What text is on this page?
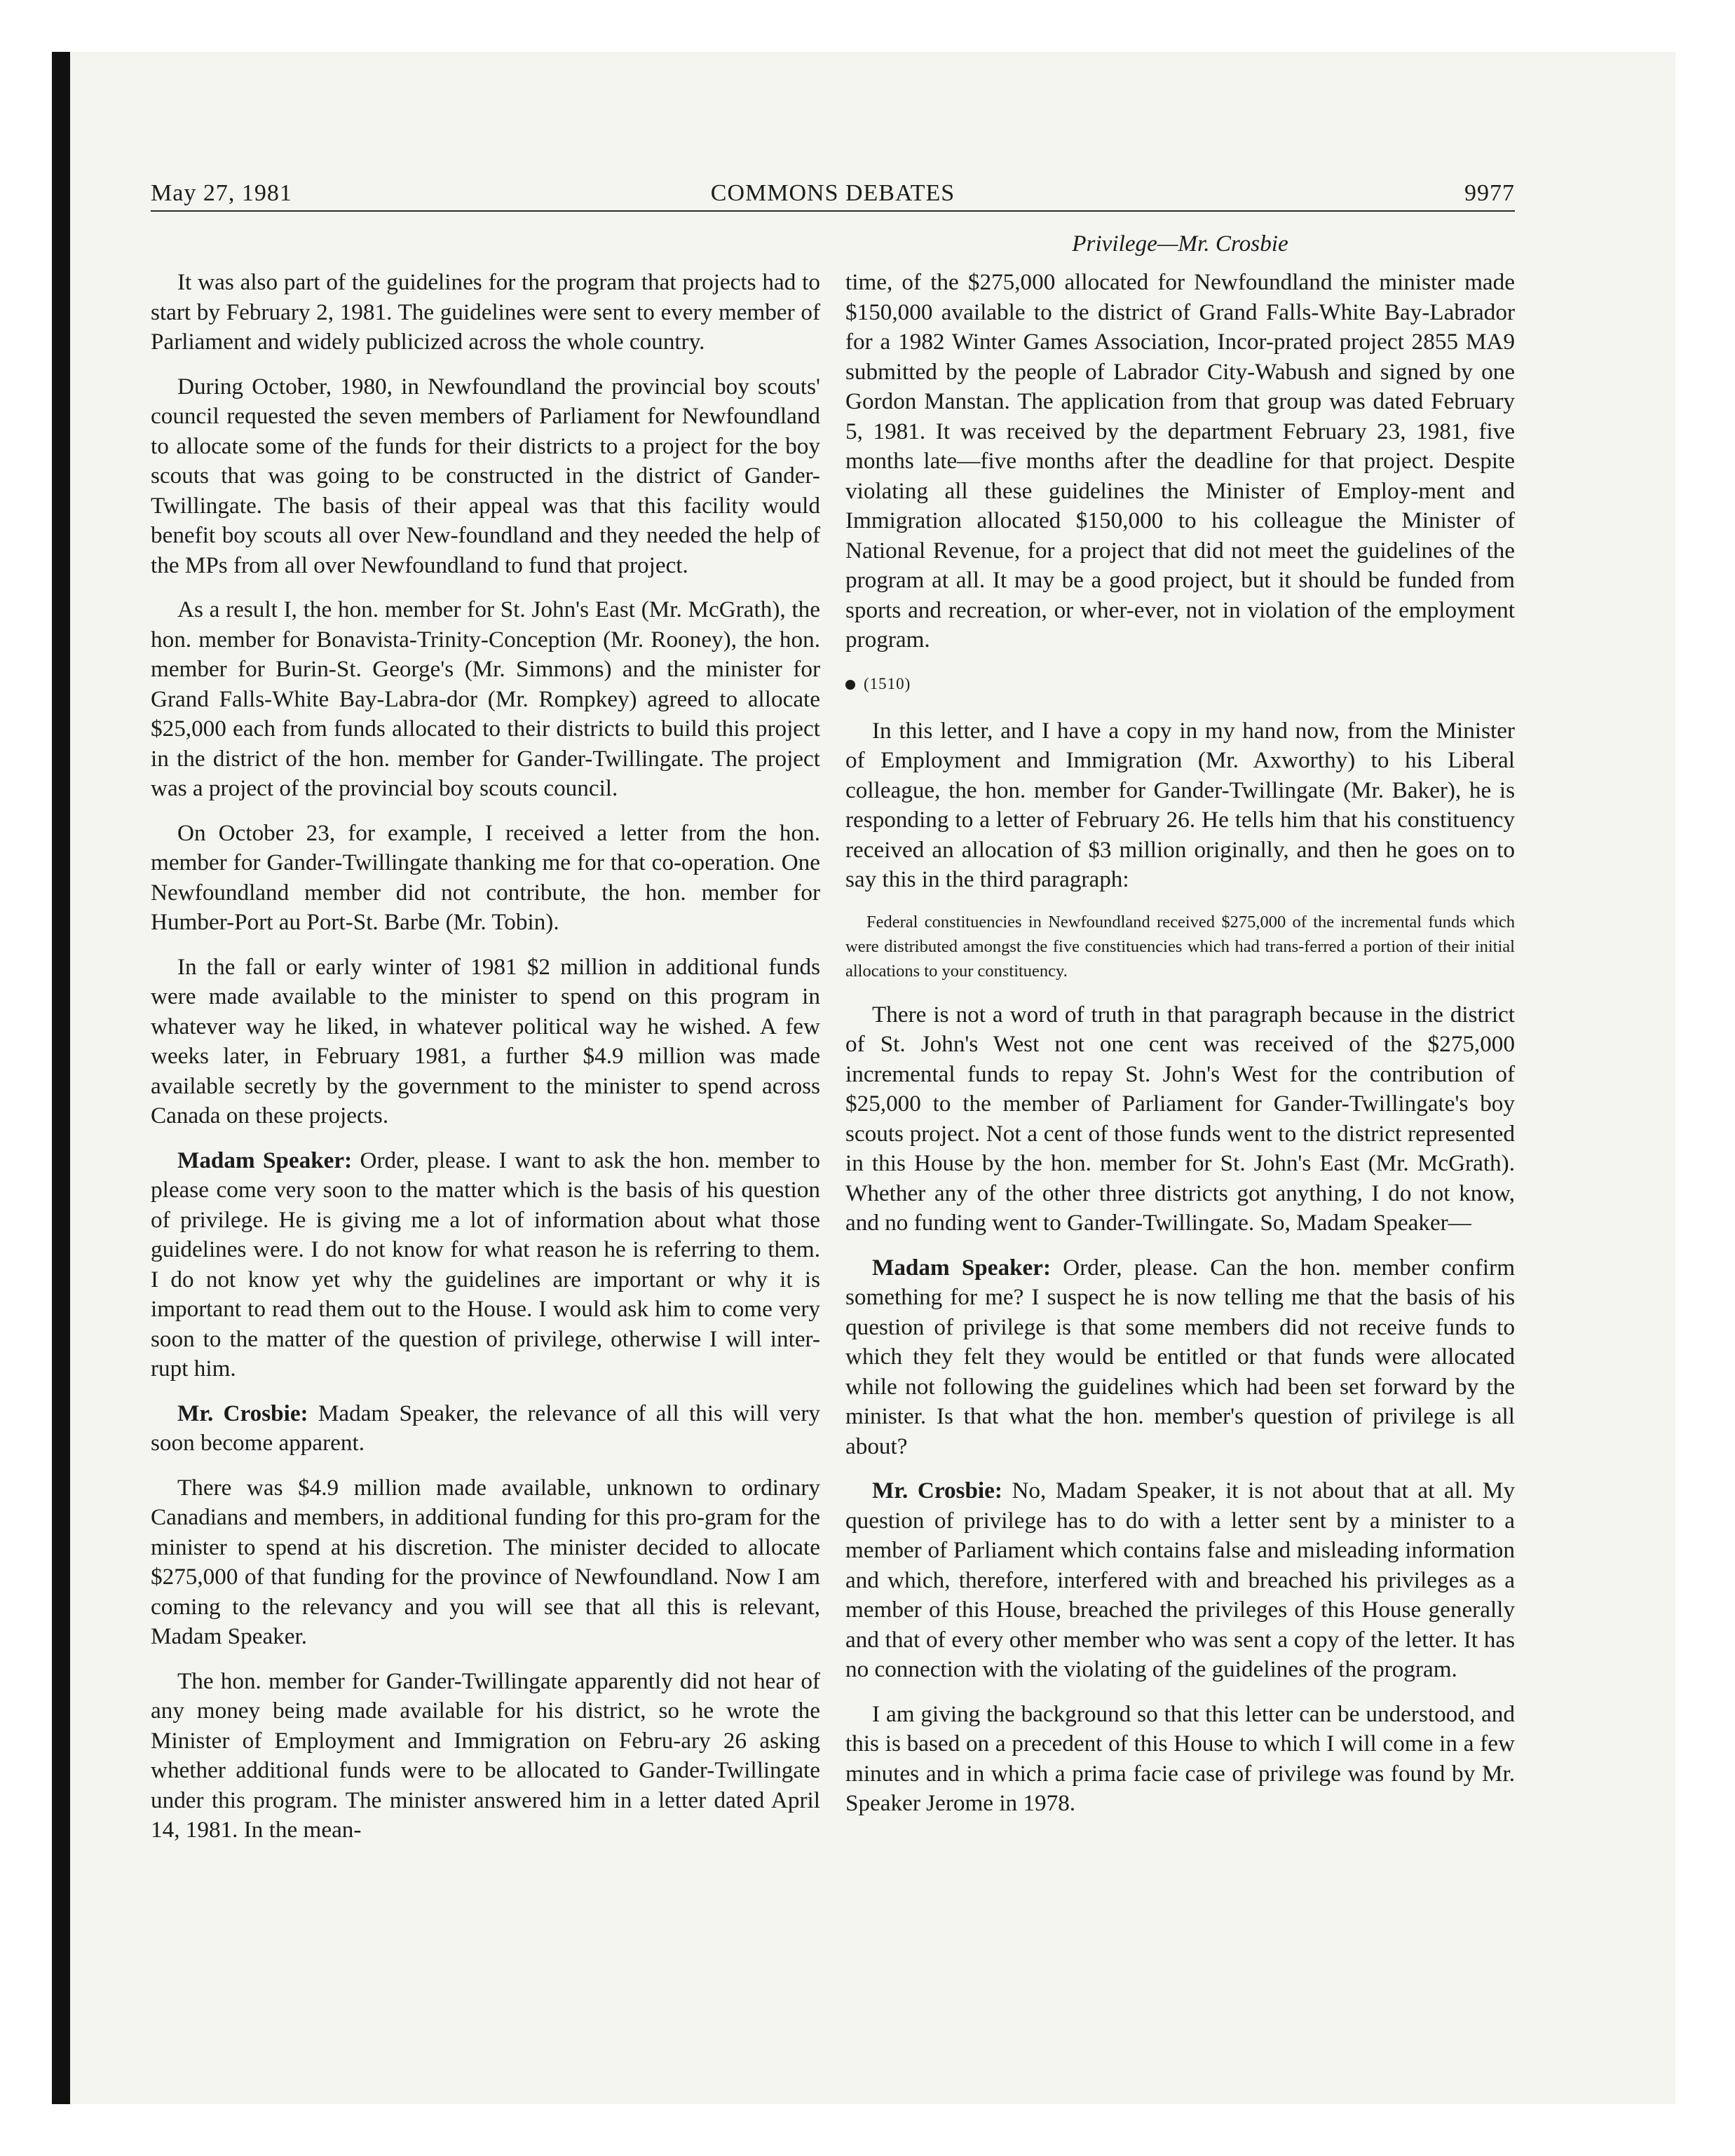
May 27, 1981	COMMONS DEBATES	9977
Privilege—Mr. Crosbie

It was also part of the guidelines for the program that projects had to start by February 2, 1981. The guidelines were sent to every member of Parliament and widely publicized across the whole country.

During October, 1980, in Newfoundland the provincial boy scouts' council requested the seven members of Parliament for Newfoundland to allocate some of the funds for their districts to a project for the boy scouts that was going to be constructed in the district of Gander-Twillingate. The basis of their appeal was that this facility would benefit boy scouts all over New-foundland and they needed the help of the MPs from all over Newfoundland to fund that project.

As a result I, the hon. member for St. John's East (Mr. McGrath), the hon. member for Bonavista-Trinity-Conception (Mr. Rooney), the hon. member for Burin-St. George's (Mr. Simmons) and the minister for Grand Falls-White Bay-Labra-dor (Mr. Rompkey) agreed to allocate $25,000 each from funds allocated to their districts to build this project in the district of the hon. member for Gander-Twillingate. The project was a project of the provincial boy scouts council.

On October 23, for example, I received a letter from the hon. member for Gander-Twillingate thanking me for that co-operation. One Newfoundland member did not contribute, the hon. member for Humber-Port au Port-St. Barbe (Mr. Tobin).

In the fall or early winter of 1981 $2 million in additional funds were made available to the minister to spend on this program in whatever way he liked, in whatever political way he wished. A few weeks later, in February 1981, a further $4.9 million was made available secretly by the government to the minister to spend across Canada on these projects.

Madam Speaker: Order, please. I want to ask the hon. member to please come very soon to the matter which is the basis of his question of privilege. He is giving me a lot of information about what those guidelines were. I do not know for what reason he is referring to them. I do not know yet why the guidelines are important or why it is important to read them out to the House. I would ask him to come very soon to the matter of the question of privilege, otherwise I will inter-rupt him.

Mr. Crosbie: Madam Speaker, the relevance of all this will very soon become apparent.

There was $4.9 million made available, unknown to ordinary Canadians and members, in additional funding for this pro-gram for the minister to spend at his discretion. The minister decided to allocate $275,000 of that funding for the province of Newfoundland. Now I am coming to the relevancy and you will see that all this is relevant, Madam Speaker.

The hon. member for Gander-Twillingate apparently did not hear of any money being made available for his district, so he wrote the Minister of Employment and Immigration on Febru-ary 26 asking whether additional funds were to be allocated to Gander-Twillingate under this program. The minister answered him in a letter dated April 14, 1981. In the mean-

time, of the $275,000 allocated for Newfoundland the minister made $150,000 available to the district of Grand Falls-White Bay-Labrador for a 1982 Winter Games Association, Incor-prated project 2855 MA9 submitted by the people of Labrador City-Wabush and signed by one Gordon Manstan. The application from that group was dated February 5, 1981. It was received by the department February 23, 1981, five months late—five months after the deadline for that project. Despite violating all these guidelines the Minister of Employ-ment and Immigration allocated $150,000 to his colleague the Minister of National Revenue, for a project that did not meet the guidelines of the program at all. It may be a good project, but it should be funded from sports and recreation, or wher-ever, not in violation of the employment program.

(1510)

In this letter, and I have a copy in my hand now, from the Minister of Employment and Immigration (Mr. Axworthy) to his Liberal colleague, the hon. member for Gander-Twillingate (Mr. Baker), he is responding to a letter of February 26. He tells him that his constituency received an allocation of $3 million originally, and then he goes on to say this in the third paragraph:

Federal constituencies in Newfoundland received $275,000 of the incremental funds which were distributed amongst the five constituencies which had trans-ferred a portion of their initial allocations to your constituency.

There is not a word of truth in that paragraph because in the district of St. John's West not one cent was received of the $275,000 incremental funds to repay St. John's West for the contribution of $25,000 to the member of Parliament for Gander-Twillingate's boy scouts project. Not a cent of those funds went to the district represented in this House by the hon. member for St. John's East (Mr. McGrath). Whether any of the other three districts got anything, I do not know, and no funding went to Gander-Twillingate. So, Madam Speaker—

Madam Speaker: Order, please. Can the hon. member confirm something for me? I suspect he is now telling me that the basis of his question of privilege is that some members did not receive funds to which they felt they would be entitled or that funds were allocated while not following the guidelines which had been set forward by the minister. Is that what the hon. member's question of privilege is all about?

Mr. Crosbie: No, Madam Speaker, it is not about that at all. My question of privilege has to do with a letter sent by a minister to a member of Parliament which contains false and misleading information and which, therefore, interfered with and breached his privileges as a member of this House, breached the privileges of this House generally and that of every other member who was sent a copy of the letter. It has no connection with the violating of the guidelines of the program.

I am giving the background so that this letter can be understood, and this is based on a precedent of this House to which I will come in a few minutes and in which a prima facie case of privilege was found by Mr. Speaker Jerome in 1978.
